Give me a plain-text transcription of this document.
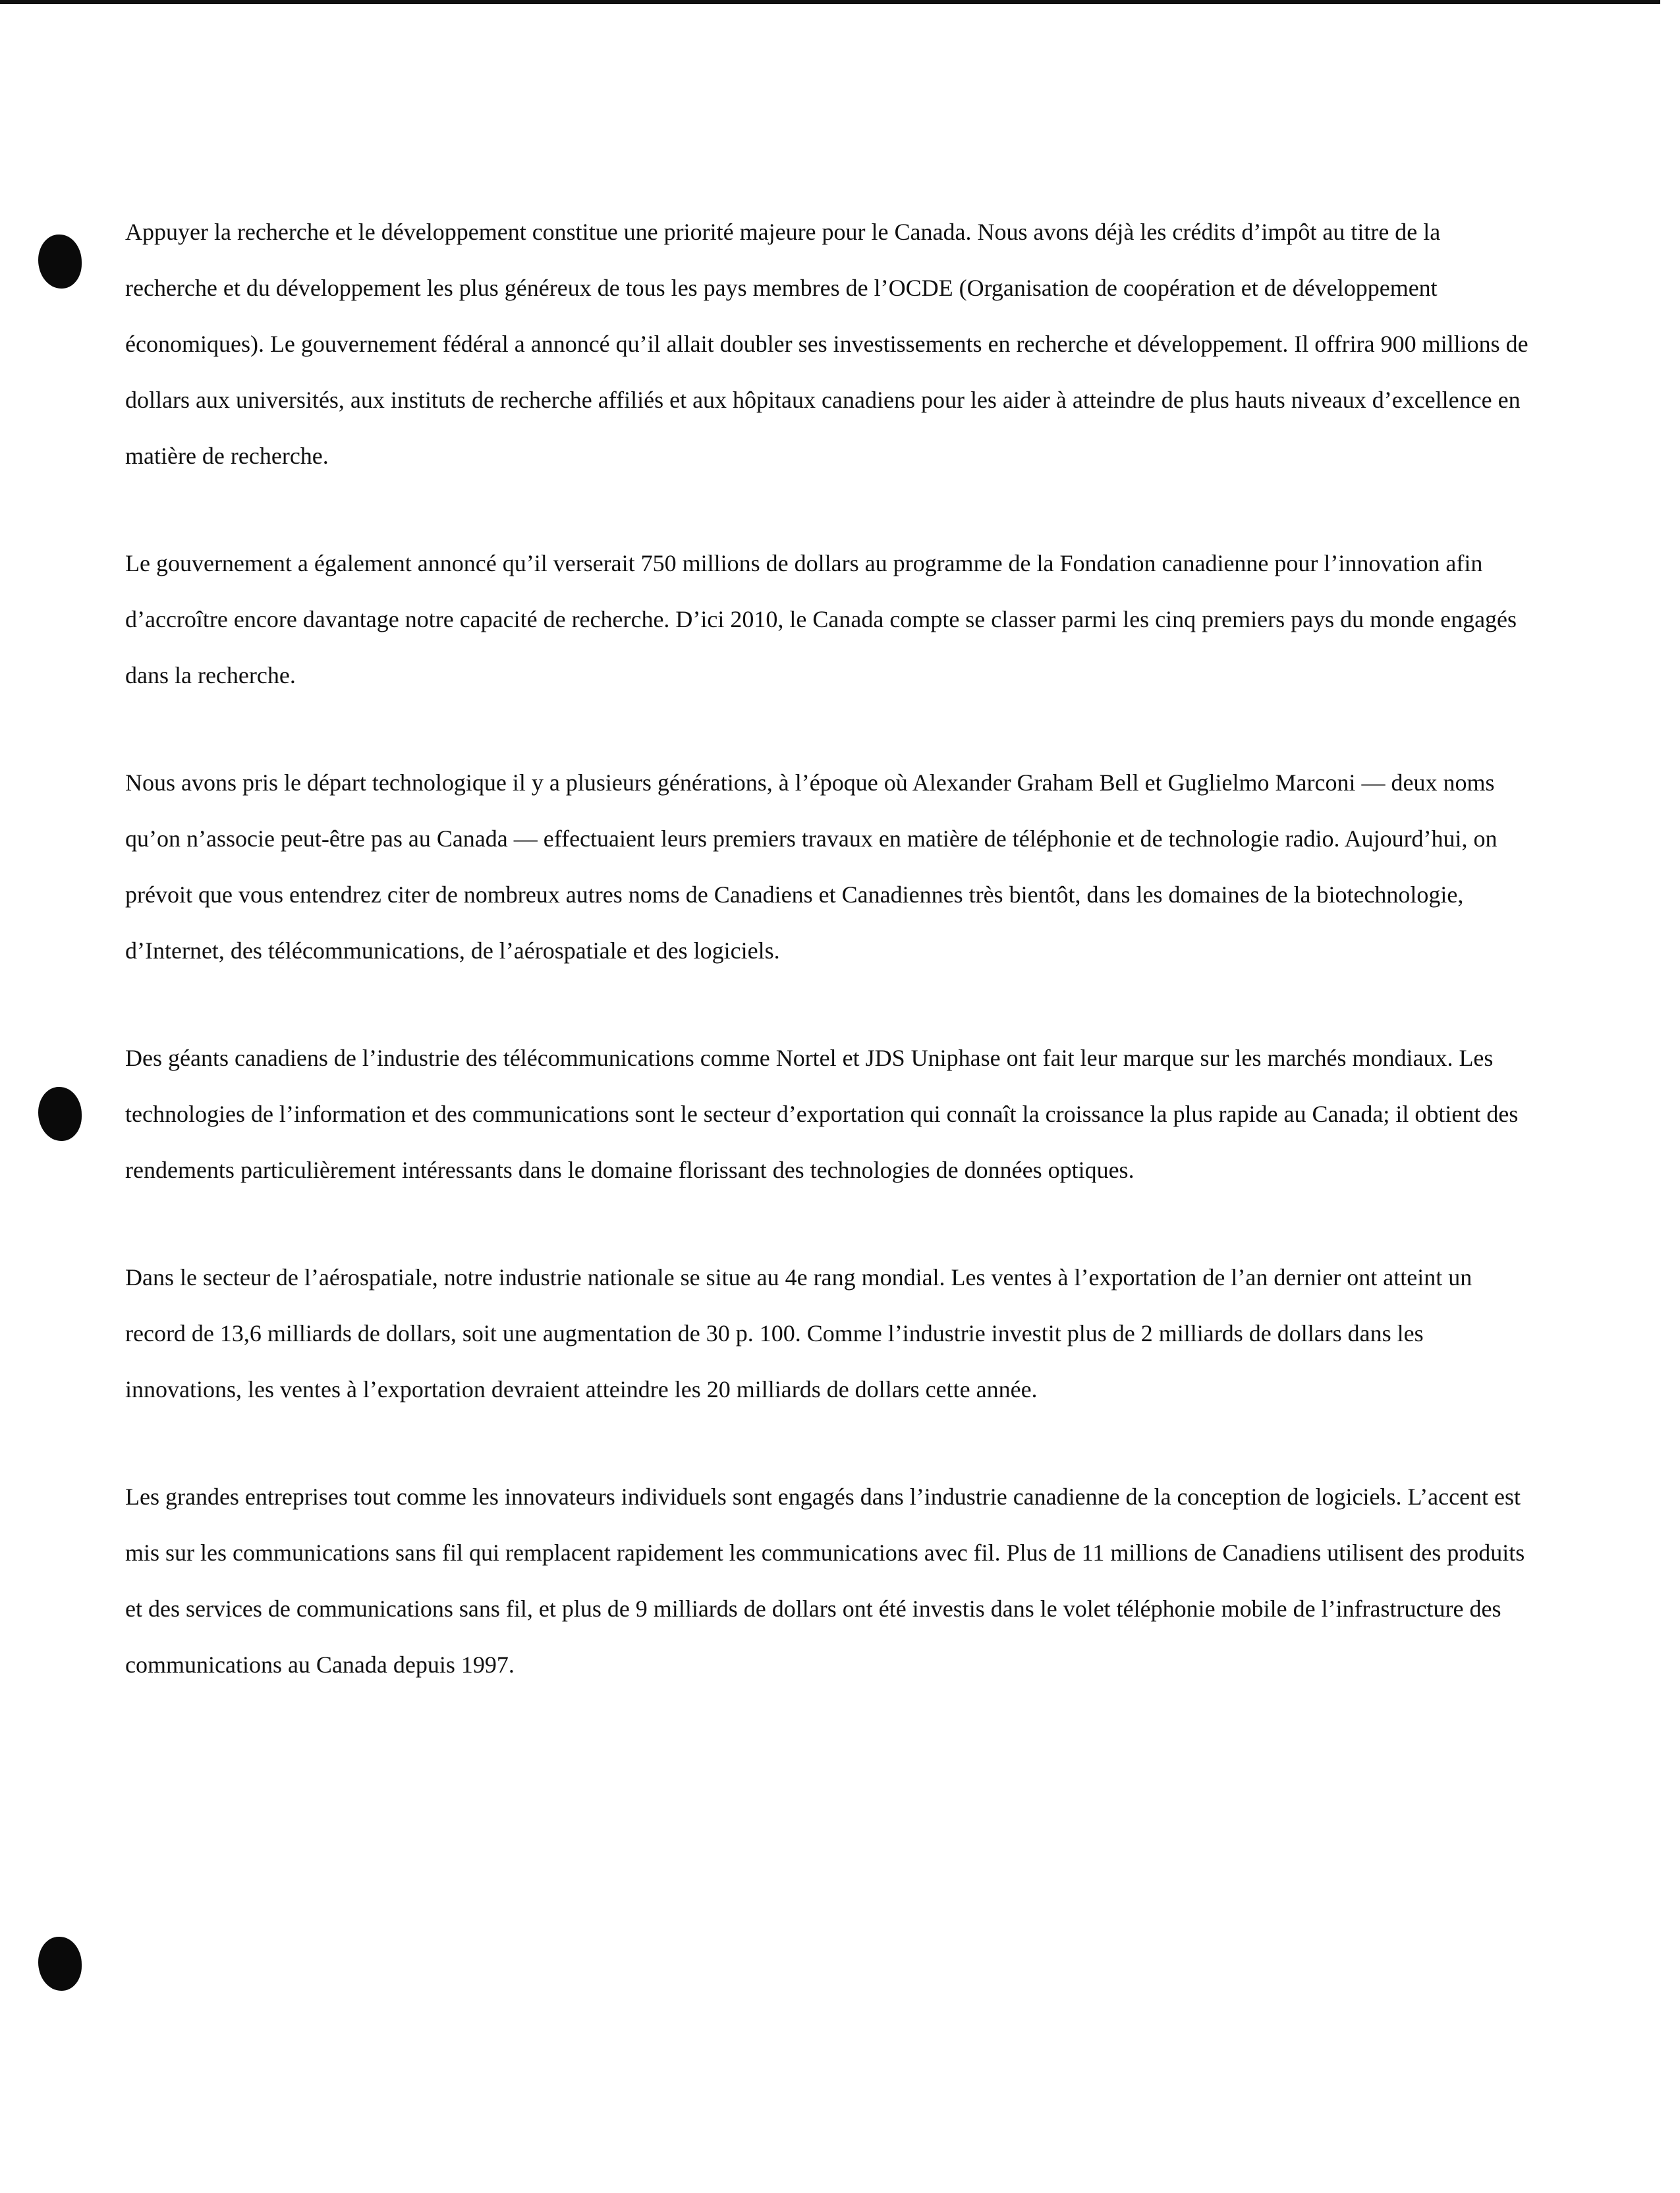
Appuyer la recherche et le développement constitue une priorité majeure pour le Canada. Nous avons déjà les crédits d’impôt au titre de la recherche et du développement les plus généreux de tous les pays membres de l’OCDE (Organisation de coopération et de développement économiques). Le gouvernement fédéral a annoncé qu’il allait doubler ses investissements en recherche et développement. Il offrira 900 millions de dollars aux universités, aux instituts de recherche affiliés et aux hôpitaux canadiens pour les aider à atteindre de plus hauts niveaux d’excellence en matière de recherche.

Le gouvernement a également annoncé qu’il verserait 750 millions de dollars au programme de la Fondation canadienne pour l’innovation afin d’accroître encore davantage notre capacité de recherche. D’ici 2010, le Canada compte se classer parmi les cinq premiers pays du monde engagés dans la recherche.

Nous avons pris le départ technologique il y a plusieurs générations, à l’époque où Alexander Graham Bell et Guglielmo Marconi — deux noms qu’on n’associe peut-être pas au Canada — effectuaient leurs premiers travaux en matière de téléphonie et de technologie radio. Aujourd’hui, on prévoit que vous entendrez citer de nombreux autres noms de Canadiens et Canadiennes très bientôt, dans les domaines de la biotechnologie, d’Internet, des télécommunications, de l’aérospatiale et des logiciels.

Des géants canadiens de l’industrie des télécommunications comme Nortel et JDS Uniphase ont fait leur marque sur les marchés mondiaux. Les technologies de l’information et des communications sont le secteur d’exportation qui connaît la croissance la plus rapide au Canada; il obtient des rendements particulièrement intéressants dans le domaine florissant des technologies de données optiques.

Dans le secteur de l’aérospatiale, notre industrie nationale se situe au 4e rang mondial. Les ventes à l’exportation de l’an dernier ont atteint un record de 13,6 milliards de dollars, soit une augmentation de 30 p. 100. Comme l’industrie investit plus de 2 milliards de dollars dans les innovations, les ventes à l’exportation devraient atteindre les 20 milliards de dollars cette année.

Les grandes entreprises tout comme les innovateurs individuels sont engagés dans l’industrie canadienne de la conception de logiciels. L’accent est mis sur les communications sans fil qui remplacent rapidement les communications avec fil. Plus de 11 millions de Canadiens utilisent des produits et des services de communications sans fil, et plus de 9 milliards de dollars ont été investis dans le volet téléphonie mobile de l’infrastructure des communications au Canada depuis 1997.
